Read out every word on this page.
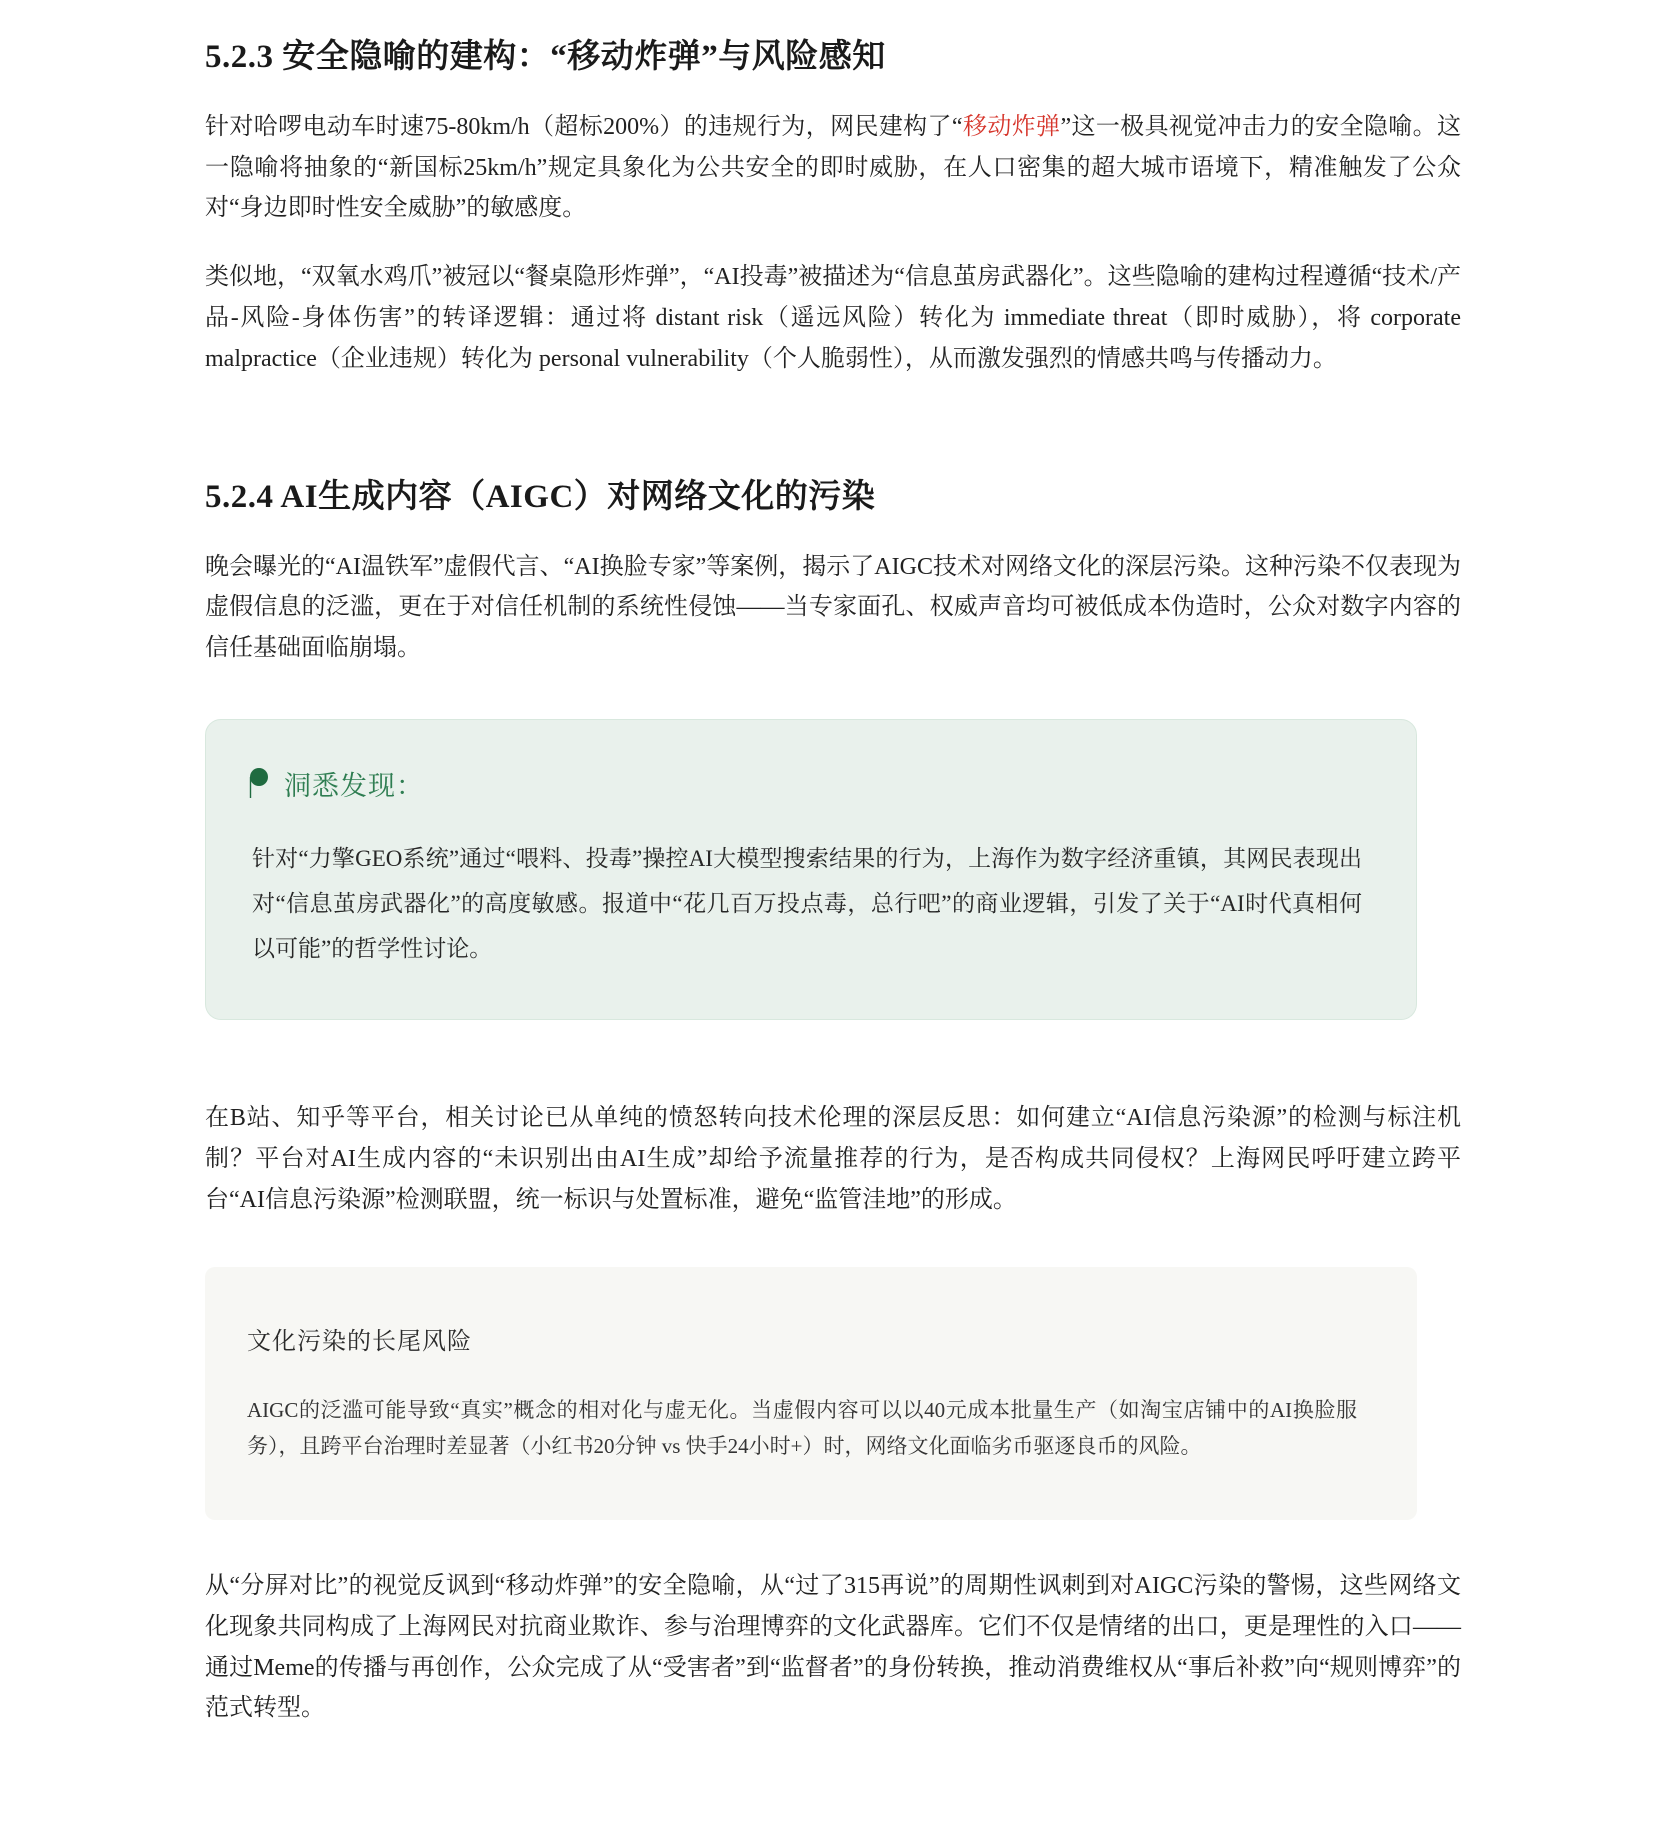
5.2.3 安全隐喻的建构：“移动炸弹”与风险感知

针对哈啰电动车时速75-80km/h（超标200%）的违规行为，网民建构了“移动炸弹”这一极具视觉冲击力的安全隐喻。这一隐喻将抽象的“新国标25km/h”规定具象化为公共安全的即时威胁，在人口密集的超大城市语境下，精准触发了公众对“身边即时性安全威胁”的敏感度。

类似地，“双氧水鸡爪”被冠以“餐桌隐形炸弹”，“AI投毒”被描述为“信息茧房武器化”。这些隐喻的建构过程遵循“技术/产品-风险-身体伤害”的转译逻辑：通过将 distant risk（遥远风险）转化为 immediate threat（即时威胁），将 corporate malpractice（企业违规）转化为 personal vulnerability（个人脆弱性），从而激发强烈的情感共鸣与传播动力。

5.2.4 AI生成内容（AIGC）对网络文化的污染

晚会曝光的“AI温铁军”虚假代言、“AI换脸专家”等案例，揭示了AIGC技术对网络文化的深层污染。这种污染不仅表现为虚假信息的泛滥，更在于对信任机制的系统性侵蚀——当专家面孔、权威声音均可被低成本伪造时，公众对数字内容的信任基础面临崩塌。

洞悉发现：

针对“力擎GEO系统”通过“喂料、投毒”操控AI大模型搜索结果的行为，上海作为数字经济重镇，其网民表现出对“信息茧房武器化”的高度敏感。报道中“花几百万投点毒，总行吧”的商业逻辑，引发了关于“AI时代真相何以可能”的哲学性讨论。

在B站、知乎等平台，相关讨论已从单纯的愤怒转向技术伦理的深层反思：如何建立“AI信息污染源”的检测与标注机制？平台对AI生成内容的“未识别出由AI生成”却给予流量推荐的行为，是否构成共同侵权？上海网民呼吁建立跨平台“AI信息污染源”检测联盟，统一标识与处置标准，避免“监管洼地”的形成。

文化污染的长尾风险

AIGC的泛滥可能导致“真实”概念的相对化与虚无化。当虚假内容可以以40元成本批量生产（如淘宝店铺中的AI换脸服务），且跨平台治理时差显著（小红书20分钟 vs 快手24小时+）时，网络文化面临劣币驱逐良币的风险。

从“分屏对比”的视觉反讽到“移动炸弹”的安全隐喻，从“过了315再说”的周期性讽刺到对AIGC污染的警惕，这些网络文化现象共同构成了上海网民对抗商业欺诈、参与治理博弈的文化武器库。它们不仅是情绪的出口，更是理性的入口——通过Meme的传播与再创作，公众完成了从“受害者”到“监督者”的身份转换，推动消费维权从“事后补救”向“规则博弈”的范式转型。
